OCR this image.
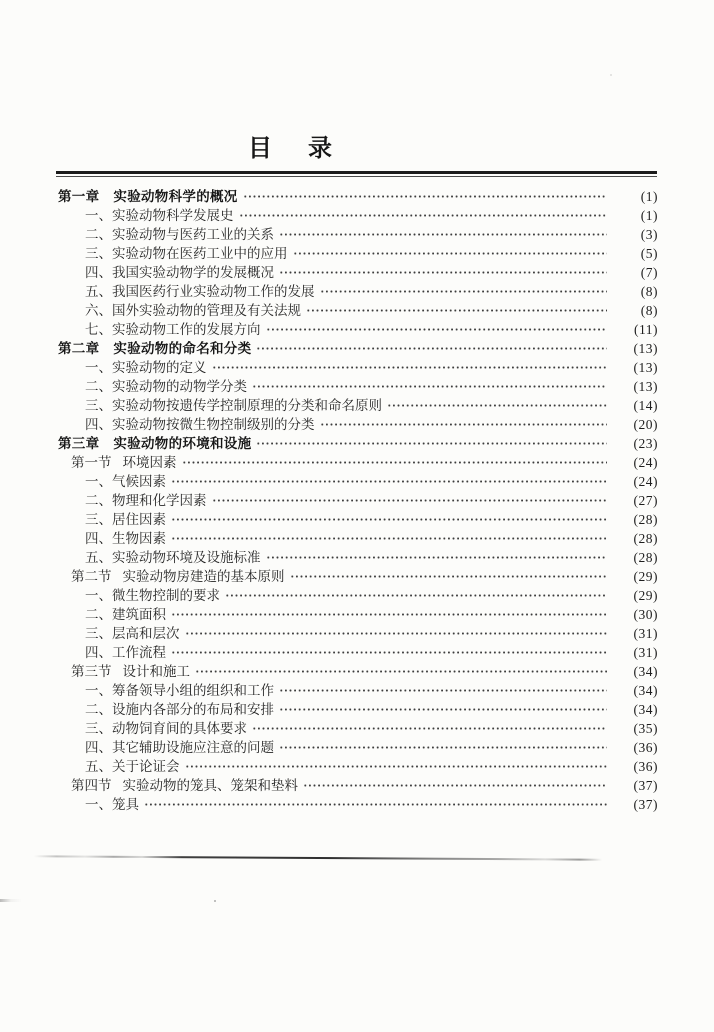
目 录
第一章 实验动物科学的概况	(1)
一、 实验动物科学发展史	(1)
二、 实验动物与医药工业的关系	(3)
三、 实验动物在医药工业中的应用	(5)
四、 我国实验动物学的发展概况	(7)
五、 我国医药行业实验动物工作的发展	(8)
六、 国外实验动物的管理及有关法规	(8)
七、 实验动物工作的发展方向	(11)
第二章 实验动物的命名和分类	(13)
一、 实验动物的定义	(13)
二、 实验动物的动物学分类	(13)
三、 实验动物按遗传学控制原理的分类和命名原则	(14)
四、 实验动物按微生物控制级别的分类	(20)
第三章 实验动物的环境和设施	(23)
第一节 环境因素	(24)
一、 气候因素	(24)
二、 物理和化学因素	(27)
三、 居住因素	(28)
四、 生物因素	(28)
五、 实验动物环境及设施标准	(28)
第二节 实验动物房建造的基本原则	(29)
一、 微生物控制的要求	(29)
二、 建筑面积	(30)
三、 层高和层次	(31)
四、 工作流程	(31)
第三节 设计和施工	(34)
一、 筹备领导小组的组织和工作	(34)
二、 设施内各部分的布局和安排	(34)
三、 动物饲育间的具体要求	(35)
四、 其它辅助设施应注意的问题	(36)
五、 关于论证会	(36)
第四节 实验动物的笼具、笼架和垫料	(37)
一、 笼具	(37)
